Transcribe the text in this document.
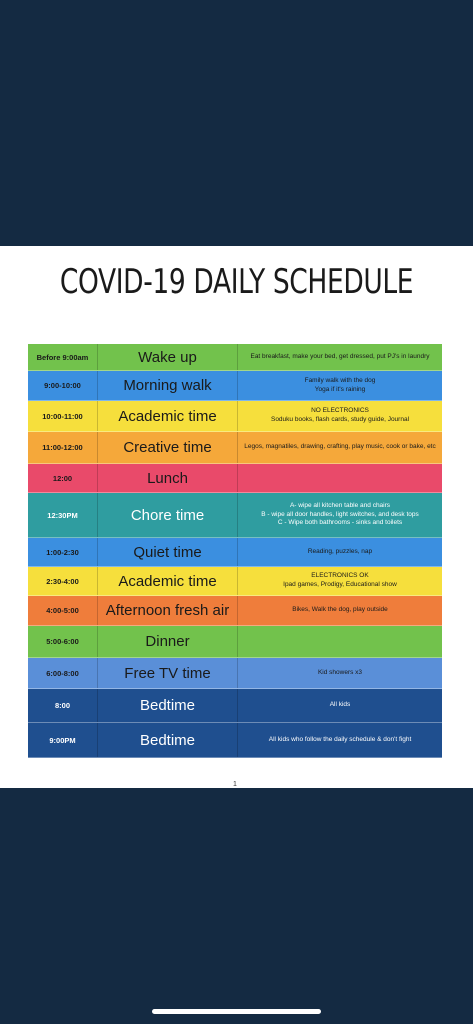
COVID-19 DAILY SCHEDULE
Before 9:00am	Wake up	Eat breakfast, make your bed, get dressed, put PJ's in laundry
9:00-10:00	Morning walk	Family walk with the dog
Yoga if it's raining
10:00-11:00	Academic time	NO ELECTRONICS
Soduku books, flash cards, study guide, Journal
11:00-12:00	Creative time	Legos, magnatiles, drawing, crafting, play music, cook or bake, etc
12:00	Lunch
12:30PM	Chore time
A- wipe all kitchen table and chairs
B - wipe all door handles, light switches, and desk tops
C - Wipe both bathrooms - sinks and toilets
1:00-2:30	Quiet time	Reading, puzzles, nap
2:30-4:00	Academic time	ELECTRONICS OK
Ipad games, Prodigy, Educational show
4:00-5:00	Afternoon fresh air	Bikes, Walk the dog, play outside
5:00-6:00	Dinner
6:00-8:00	Free TV time	Kid showers x3
8:00	Bedtime	All kids
9:00PM	Bedtime	All kids who follow the daily schedule & don't fight
1
